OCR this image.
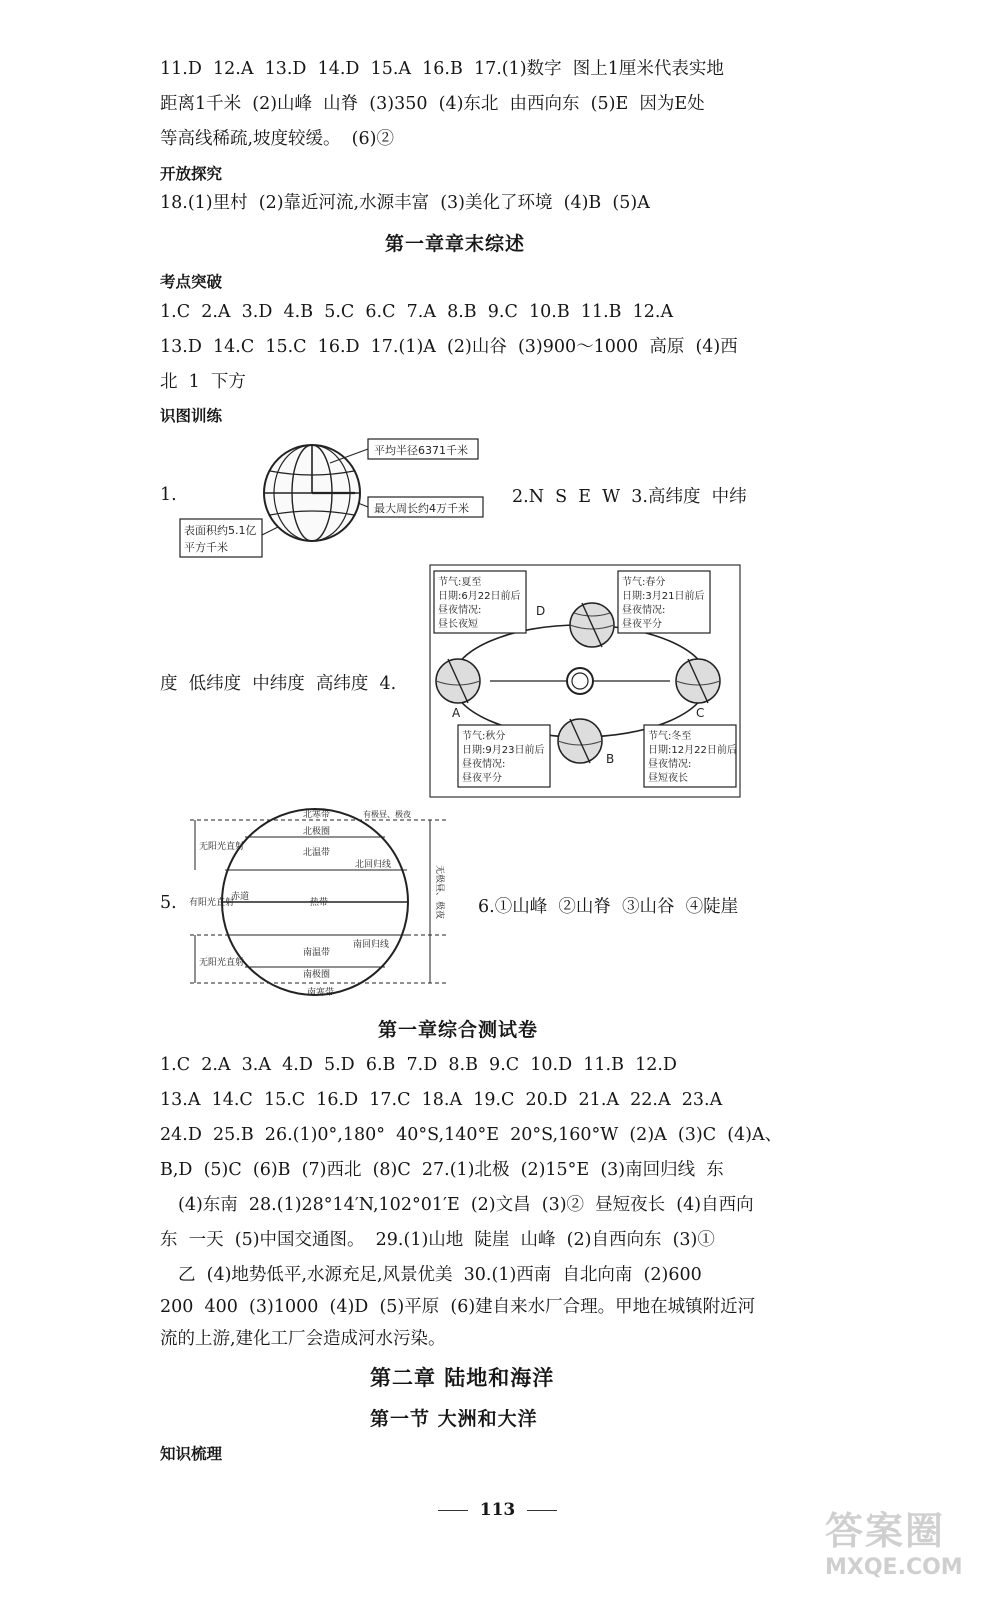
11.D  12.A  13.D  14.D  15.A  16.B  17.(1)数字  图上1厘米代表实地
距离1千米  (2)山峰  山脊  (3)350  (4)东北  由西向东  (5)E  因为E处
等高线稀疏,坡度较缓。  (6)②
开放探究
18.(1)里村  (2)靠近河流,水源丰富  (3)美化了环境  (4)B  (5)A
第一章章末综述
考点突破
1.C  2.A  3.D  4.B  5.C  6.C  7.A  8.B  9.C  10.B  11.B  12.A
13.D  14.C  15.C  16.D  17.(1)A  (2)山谷  (3)900～1000  高原  (4)西
北  1  下方
识图训练
1.
平均半径6371千米
最大周长约4万千米
表面积约5.1亿
平方千米
2.N  S  E  W  3.高纬度  中纬
度  低纬度  中纬度  高纬度  4.
D
A
B
C
节气:夏至
日期:6月22日前后
昼夜情况:
昼长夜短
节气:春分
日期:3月21日前后
昼夜情况:
昼夜平分
节气:秋分
日期:9月23日前后
昼夜情况:
昼夜平分
节气:冬至
日期:12月22日前后
昼夜情况:
昼短夜长
5.
无阳光直射
有阳光直射
无阳光直射
北寒带	有极昼、极夜
北极圈
北温带
北回归线
赤道
热带
南回归线
南温带
南极圈
南寒带
无极昼、极夜 6.①山峰  ②山脊  ③山谷  ④陡崖
第一章综合测试卷
1.C  2.A  3.A  4.D  5.D  6.B  7.D  8.B  9.C  10.D  11.B  12.D
13.A  14.C  15.C  16.D  17.C  18.A  19.C  20.D  21.A  22.A  23.A
24.D  25.B  26.(1)0°,180°  40°S,140°E  20°S,160°W  (2)A  (3)C  (4)A、
B,D  (5)C  (6)B  (7)西北  (8)C  27.(1)北极  (2)15°E  (3)南回归线  东
(4)东南  28.(1)28°14′N,102°01′E  (2)文昌  (3)②  昼短夜长  (4)自西向
东  一天  (5)中国交通图。  29.(1)山地  陡崖  山峰  (2)自西向东  (3)①
乙  (4)地势低平,水源充足,风景优美  30.(1)西南  自北向南  (2)600
200  400  (3)1000  (4)D  (5)平原  (6)建自来水厂合理。甲地在城镇附近河
流的上游,建化工厂会造成河水污染。
第二章 陆地和海洋
第一节 大洲和大洋
知识梳理
113	答案圈
MXQE.COM
